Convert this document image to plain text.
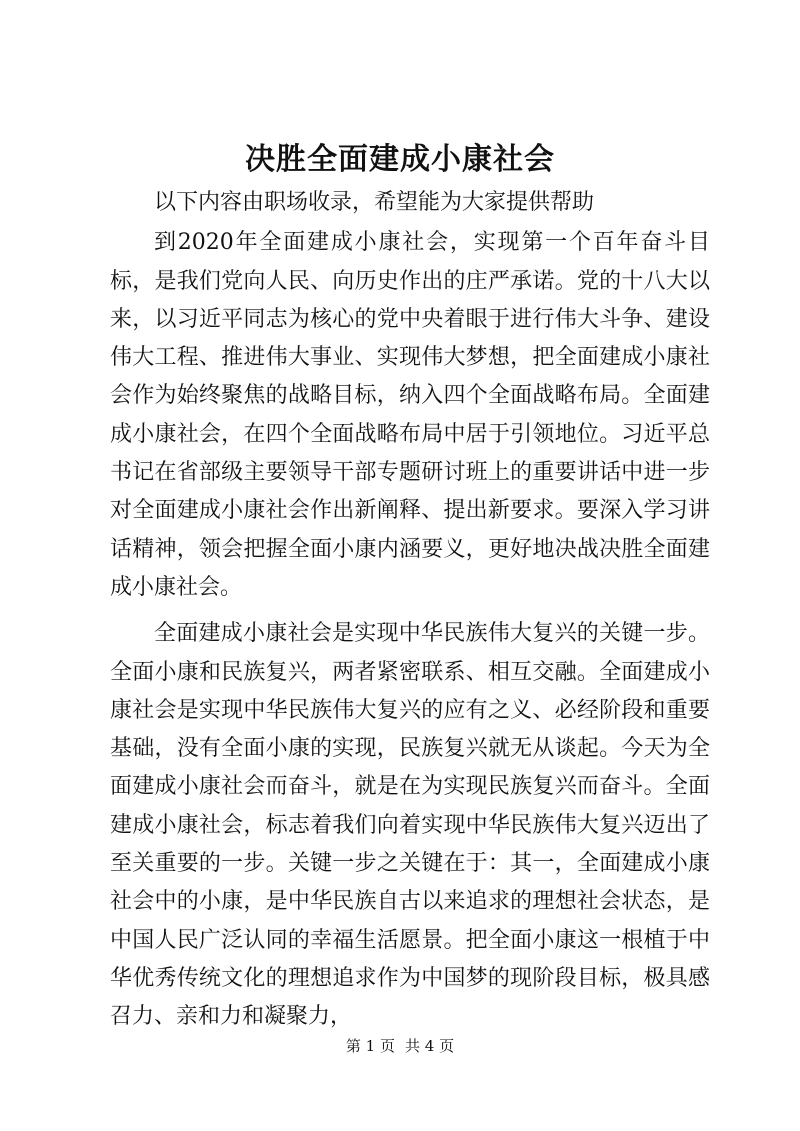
决胜全面建成小康社会

以下内容由职场收录，希望能为大家提供帮助

到2020年全面建成小康社会，实现第一个百年奋斗目标，是我们党向人民、向历史作出的庄严承诺。党的十八大以来，以习近平同志为核心的党中央着眼于进行伟大斗争、建设伟大工程、推进伟大事业、实现伟大梦想，把全面建成小康社会作为始终聚焦的战略目标，纳入四个全面战略布局。全面建成小康社会，在四个全面战略布局中居于引领地位。习近平总书记在省部级主要领导干部专题研讨班上的重要讲话中进一步对全面建成小康社会作出新阐释、提出新要求。要深入学习讲话精神，领会把握全面小康内涵要义，更好地决战决胜全面建成小康社会。

全面建成小康社会是实现中华民族伟大复兴的关键一步。全面小康和民族复兴，两者紧密联系、相互交融。全面建成小康社会是实现中华民族伟大复兴的应有之义、必经阶段和重要基础，没有全面小康的实现，民族复兴就无从谈起。今天为全面建成小康社会而奋斗，就是在为实现民族复兴而奋斗。全面建成小康社会，标志着我们向着实现中华民族伟大复兴迈出了至关重要的一步。关键一步之关键在于：其一，全面建成小康社会中的小康，是中华民族自古以来追求的理想社会状态，是中国人民广泛认同的幸福生活愿景。把全面小康这一根植于中华优秀传统文化的理想追求作为中国梦的现阶段目标，极具感召力、亲和力和凝聚力，

第 1 页 共 4 页
